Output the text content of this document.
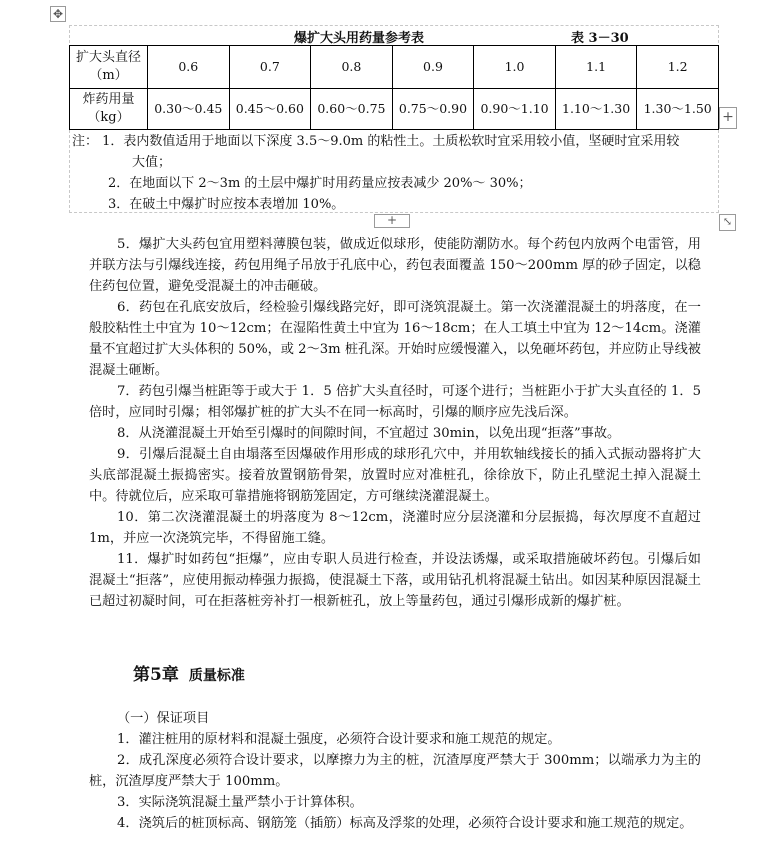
✥
爆扩大头用药量参考表	表 3－30
扩大头直径（m）	0.6	0.7	0.8	0.9	1.0	1.1	1.2
炸药用量（kg）	0.30～0.45	0.45～0.60	0.60～0.75	0.75～0.90	0.90～1.10	1.10～1.30	1.30～1.50
注： 1．表内数值适用于地面以下深度 3.5～9.0m 的粘性土。土质松软时宜采用较小值，坚硬时宜采用较
大值；
2．在地面以下 2～3m 的土层中爆扩时用药量应按表减少 20%～ 30%；
3．在破土中爆扩时应按本表增加 10%。
+
+	⤡

5．爆扩大头药包宜用塑料薄膜包装，做成近似球形，使能防潮防水。每个药包内放两个电雷管，用并联方法与引爆线连接，药包用绳子吊放于孔底中心，药包表面覆盖 150～200mm 厚的砂子固定，以稳住药包位置，避免受混凝土的冲击砸破。

6．药包在孔底安放后，经检验引爆线路完好，即可浇筑混凝土。第一次浇灌混凝土的坍落度，在一般胶粘性土中宜为 10～12cm；在湿陷性黄土中宜为 16～18cm；在人工填土中宜为 12～14cm。浇灌量不宜超过扩大头体积的 50%，或 2～3m 桩孔深。开始时应缓慢灌入，以免砸坏药包，并应防止导线被混凝土砸断。

7．药包引爆当桩距等于或大于 1．5 倍扩大头直径时，可逐个进行；当桩距小于扩大头直径的 1．5 倍时，应同时引爆；相邻爆扩桩的扩大头不在同一标高时，引爆的顺序应先浅后深。

8．从浇灌混凝土开始至引爆时的间隙时间，不宜超过 30min，以免出现“拒落”事故。

9．引爆后混凝土自由塌落至因爆破作用形成的球形孔穴中，并用软轴线接长的插入式振动器将扩大头底部混凝土振捣密实。接着放置钢筋骨架，放置时应对准桩孔，徐徐放下，防止孔壁泥土掉入混凝土中。待就位后，应采取可靠措施将钢筋笼固定，方可继续浇灌混凝土。

10．第二次浇灌混凝土的坍落度为 8～12cm，浇灌时应分层浇灌和分层振捣，每次厚度不直超过 1m，并应一次浇筑完毕，不得留施工缝。

11．爆扩时如药包“拒爆”，应由专职人员进行检查，并设法诱爆，或采取措施破坏药包。引爆后如混凝土“拒落”，应使用振动棒强力振捣，使混凝土下落，或用钻孔机将混凝土钻出。如因某种原因混凝土已超过初凝时间，可在拒落桩旁补打一根新桩孔，放上等量药包，通过引爆形成新的爆扩桩。

第5章 质量标准

（一）保证项目

1．灌注桩用的原材料和混凝土强度，必须符合设计要求和施工规范的规定。

2．成孔深度必须符合设计要求，以摩擦力为主的桩，沉渣厚度严禁大于 300mm；以端承力为主的桩，沉渣厚度严禁大于 100mm。

3．实际浇筑混凝土量严禁小于计算体积。

4．浇筑后的桩顶标高、钢筋笼（插筋）标高及浮浆的处理，必须符合设计要求和施工规范的规定。
